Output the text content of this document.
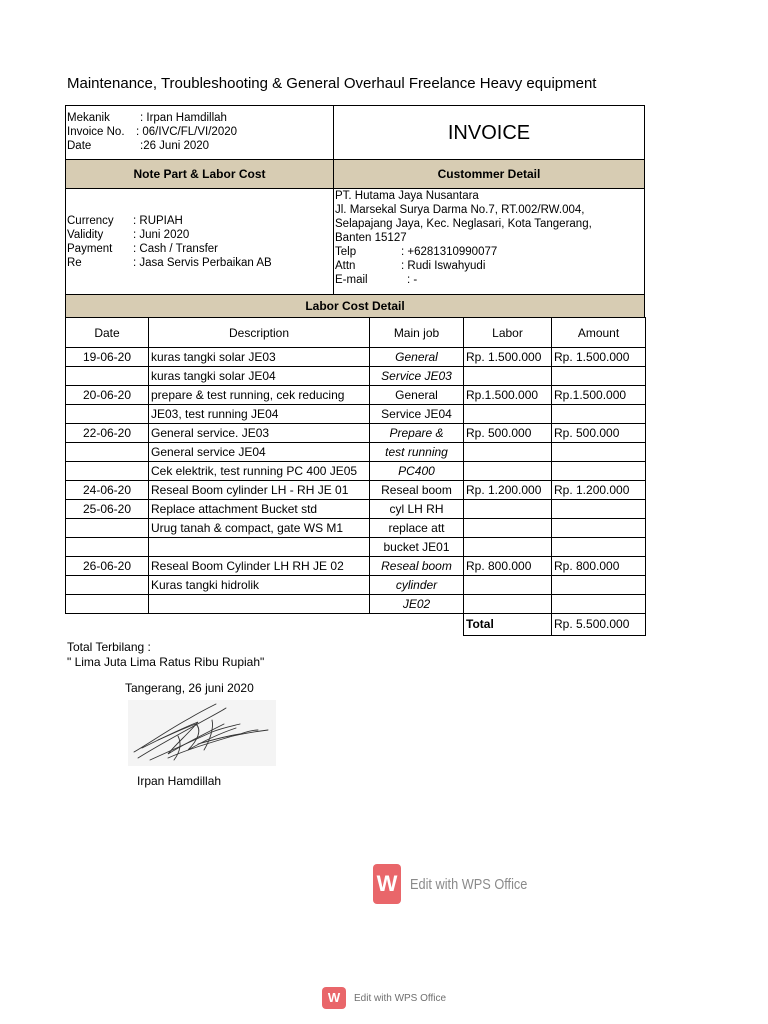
Maintenance, Troubleshooting & General Overhaul Freelance Heavy equipment
Mekanik	: Irpan Hamdillah
Invoice No. : 06/IVC/FL/VI/2020
Date	:26 Juni 2020
INVOICE
Note Part & Labor Cost	Custommer Detail
Currency	: RUPIAH
Validity	: Juni 2020
Payment	: Cash / Transfer
Re	: Jasa Servis Perbaikan AB
PT. Hutama Jaya Nusantara
Jl. Marsekal Surya Darma No.7, RT.002/RW.004,
Selapajang Jaya, Kec. Neglasari, Kota Tangerang,
Banten 15127
Telp	: +6281310990077
Attn	: Rudi Iswahyudi
E-mail	: -
Labor Cost Detail
Date	Description	Main job	Labor	Amount
19-06-20	kuras tangki solar JE03	General	Rp. 1.500.000	Rp. 1.500.000
	kuras tangki solar JE04	Service JE03		
20-06-20	prepare & test running, cek reducing	General	Rp.1.500.000	Rp.1.500.000
	JE03, test running JE04	Service JE04		
22-06-20	General service. JE03	Prepare &	Rp. 500.000	Rp. 500.000
	General service JE04	test running		
	Cek elektrik, test running PC 400 JE05	PC400		
24-06-20	Reseal Boom cylinder LH - RH JE 01	Reseal boom	Rp. 1.200.000	Rp. 1.200.000
25-06-20	Replace attachment Bucket std	cyl LH RH		
	Urug tanah & compact, gate WS M1	replace att		
		bucket JE01		
26-06-20	Reseal Boom Cylinder LH RH JE 02	Reseal boom	Rp. 800.000	Rp. 800.000
	Kuras tangki hidrolik	cylinder		
		JE02		
			Total	Rp. 5.500.000
Total Terbilang :
" Lima Juta Lima Ratus Ribu Rupiah"
Tangerang, 26 juni 2020
Irpan Hamdillah
W Edit with WPS Office
W	Edit with WPS Office
